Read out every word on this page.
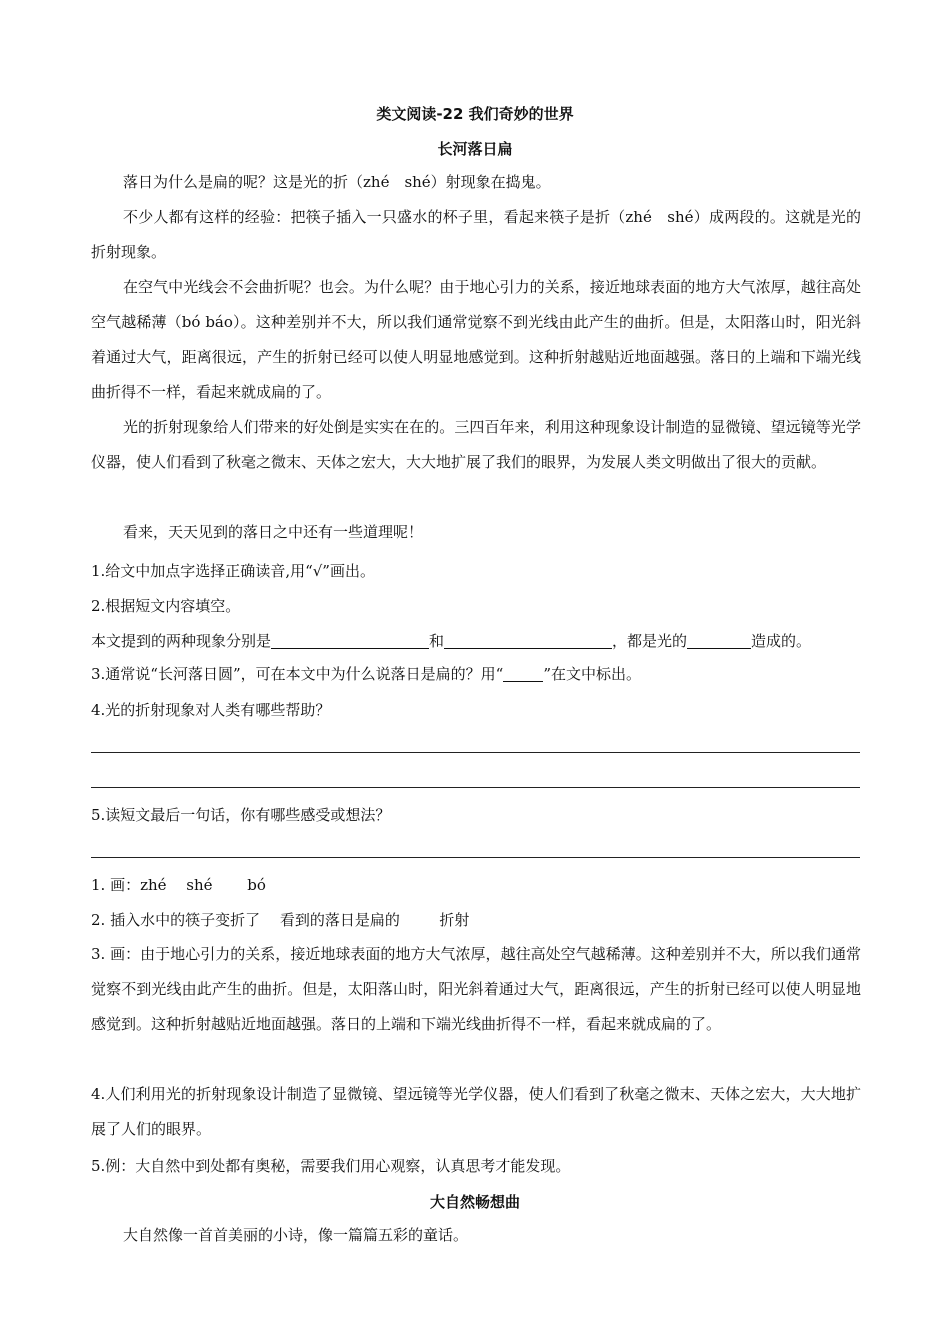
类文阅读-22 我们奇妙的世界
长河落日扁

落日为什么是扁的呢？这是光的折（zhé　shé）射现象在捣鬼。

不少人都有这样的经验：把筷子插入一只盛水的杯子里，看起来筷子是折（zhé　shé）成两段的。这就是光的折射现象。

在空气中光线会不会曲折呢？也会。为什么呢？由于地心引力的关系，接近地球表面的地方大气浓厚，越往高处空气越稀薄（bó báo）。这种差别并不大，所以我们通常觉察不到光线由此产生的曲折。但是，太阳落山时，阳光斜着通过大气，距离很远，产生的折射已经可以使人明显地感觉到。这种折射越贴近地面越强。落日的上端和下端光线曲折得不一样，看起来就成扁的了。

光的折射现象给人们带来的好处倒是实实在在的。三四百年来，利用这种现象设计制造的显微镜、望远镜等光学仪器，使人们看到了秋毫之微末、天体之宏大，大大地扩展了我们的眼界，为发展人类文明做出了很大的贡献。

看来，天天见到的落日之中还有一些道理呢！

1.给文中加点字选择正确读音,用“√”画出。
2.根据短文内容填空。
本文提到的两种现象分别是	和	，都是光的	造成的。
3.通常说“长河落日圆”，可在本文中为什么说落日是扁的？用“	”在文中标出。
4.光的折射现象对人类有哪些帮助？
5.读短文最后一句话，你有哪些感受或想法？
1. 画：zhé　 shé　 　bó
2. 插入水中的筷子变折了　 看到的落日是扁的　 　 折射

3. 画：由于地心引力的关系，接近地球表面的地方大气浓厚，越往高处空气越稀薄。这种差别并不大，所以我们通常觉察不到光线由此产生的曲折。但是，太阳落山时，阳光斜着通过大气，距离很远，产生的折射已经可以使人明显地感觉到。这种折射越贴近地面越强。落日的上端和下端光线曲折得不一样，看起来就成扁的了。

4.人们利用光的折射现象设计制造了显微镜、望远镜等光学仪器，使人们看到了秋毫之微末、天体之宏大，大大地扩展了人们的眼界。

5.例：大自然中到处都有奥秘，需要我们用心观察，认真思考才能发现。
大自然畅想曲

大自然像一首首美丽的小诗，像一篇篇五彩的童话。
